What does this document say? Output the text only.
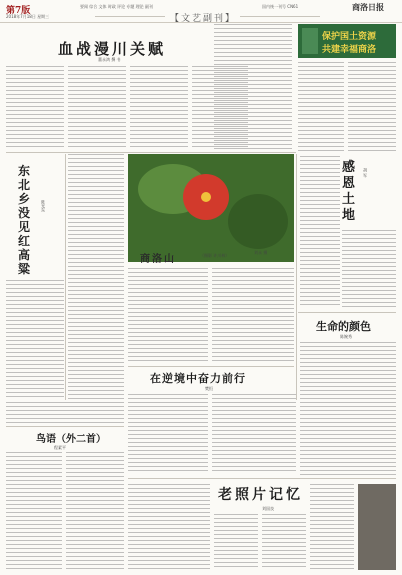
第7版
2018年7月18日 星期三
要闻 综合 文体 时政 评论 专题 理论 副刊	国内统一刊号 CN61	商洛日报
【文艺副刊】
血战漫川关赋
董永鸿 撰 书
保护国土资源
共建幸福商洛
东北乡没见红高粱
陈光东
商洛山	（摄影 许川林）
刘永 摄
感恩土地
胡 军
生命的颜色
陈婉秀
在逆境中奋力前行
樊恒
鸟语（外二首）
程素平
老照片记忆
刘国良
